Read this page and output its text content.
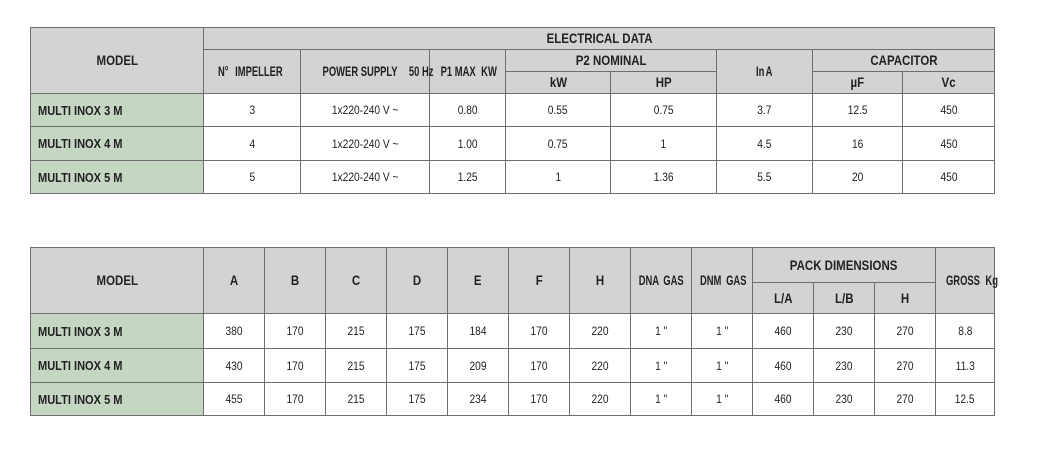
MODEL	ELECTRICAL DATA							
	N° IMPELLER	POWER SUPPLY 50 Hz	P1 MAX KW	P2 NOMINAL		In A	CAPACITOR	
				kW	HP		µF	Vc
MULTI INOX 3 M	3	1x220-240 V ~	0.80	0.55	0.75	3.7	12.5	450
MULTI INOX 4 M	4	1x220-240 V ~	1.00	0.75	1	4.5	16	450
MULTI INOX 5 M	5	1x220-240 V ~	1.25	1	1.36	5.5	20	450
MODEL	A	B	C	D	E	F	H	DNA GAS	DNM GAS	PACK DIMENSIONS			GROSS Kg
										L/A	L/B	H	
MULTI INOX 3 M	380	170	215	175	184	170	220	1 "	1 "	460	230	270	8.8
MULTI INOX 4 M	430	170	215	175	209	170	220	1 "	1 "	460	230	270	11.3
MULTI INOX 5 M	455	170	215	175	234	170	220	1 "	1 "	460	230	270	12.5
